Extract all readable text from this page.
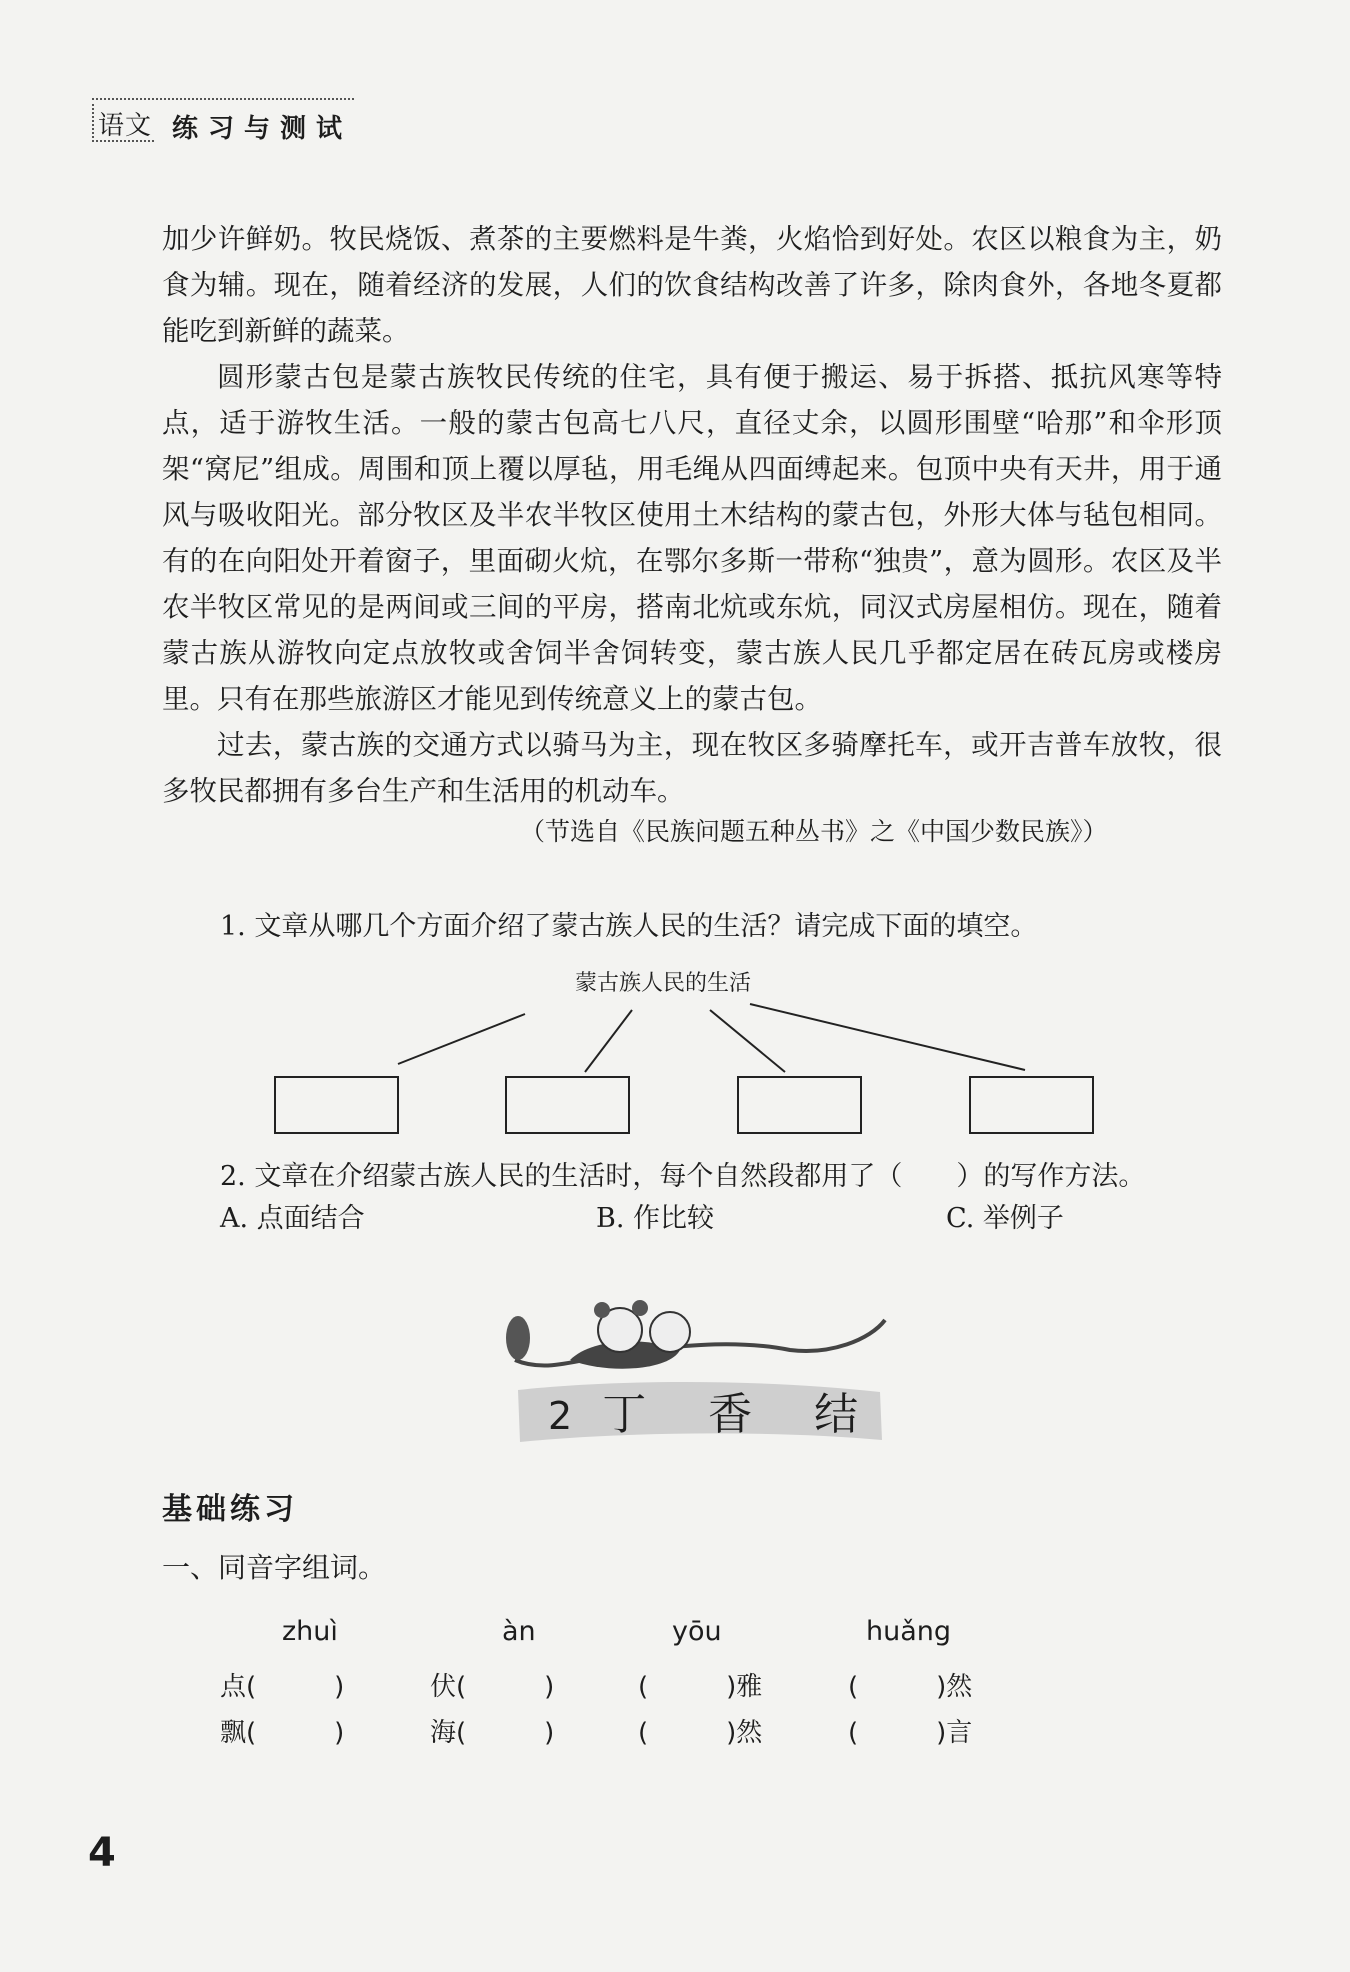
语文 练习与测试

加少许鲜奶。牧民烧饭、煮茶的主要燃料是牛粪，火焰恰到好处。农区以粮食为主，奶食为辅。现在，随着经济的发展，人们的饮食结构改善了许多，除肉食外，各地冬夏都能吃到新鲜的蔬菜。

圆形蒙古包是蒙古族牧民传统的住宅，具有便于搬运、易于拆搭、抵抗风寒等特点，适于游牧生活。一般的蒙古包高七八尺，直径丈余，以圆形围壁“哈那”和伞形顶架“窝尼”组成。周围和顶上覆以厚毡，用毛绳从四面缚起来。包顶中央有天井，用于通风与吸收阳光。部分牧区及半农半牧区使用土木结构的蒙古包，外形大体与毡包相同。有的在向阳处开着窗子，里面砌火炕，在鄂尔多斯一带称“独贵”，意为圆形。农区及半农半牧区常见的是两间或三间的平房，搭南北炕或东炕，同汉式房屋相仿。现在，随着蒙古族从游牧向定点放牧或舍饲半舍饲转变，蒙古族人民几乎都定居在砖瓦房或楼房里。只有在那些旅游区才能见到传统意义上的蒙古包。

过去，蒙古族的交通方式以骑马为主，现在牧区多骑摩托车，或开吉普车放牧，很多牧民都拥有多台生产和生活用的机动车。

（节选自《民族问题五种丛书》之《中国少数民族》）
1. 文章从哪几个方面介绍了蒙古族人民的生活？请完成下面的填空。
蒙古族人民的生活
2. 文章在介绍蒙古族人民的生活时，每个自然段都用了（　　）的写作方法。
A. 点面结合	B. 作比较	C. 举例子
2 丁 香 结
基础练习
一、同音字组词。
zhuì	àn	yōu	huǎng
点(　　　)	伏(　　　)	(　　　)雅	(　　　)然
飘(　　　)	海(　　　)	(　　　)然	(　　　)言
4
